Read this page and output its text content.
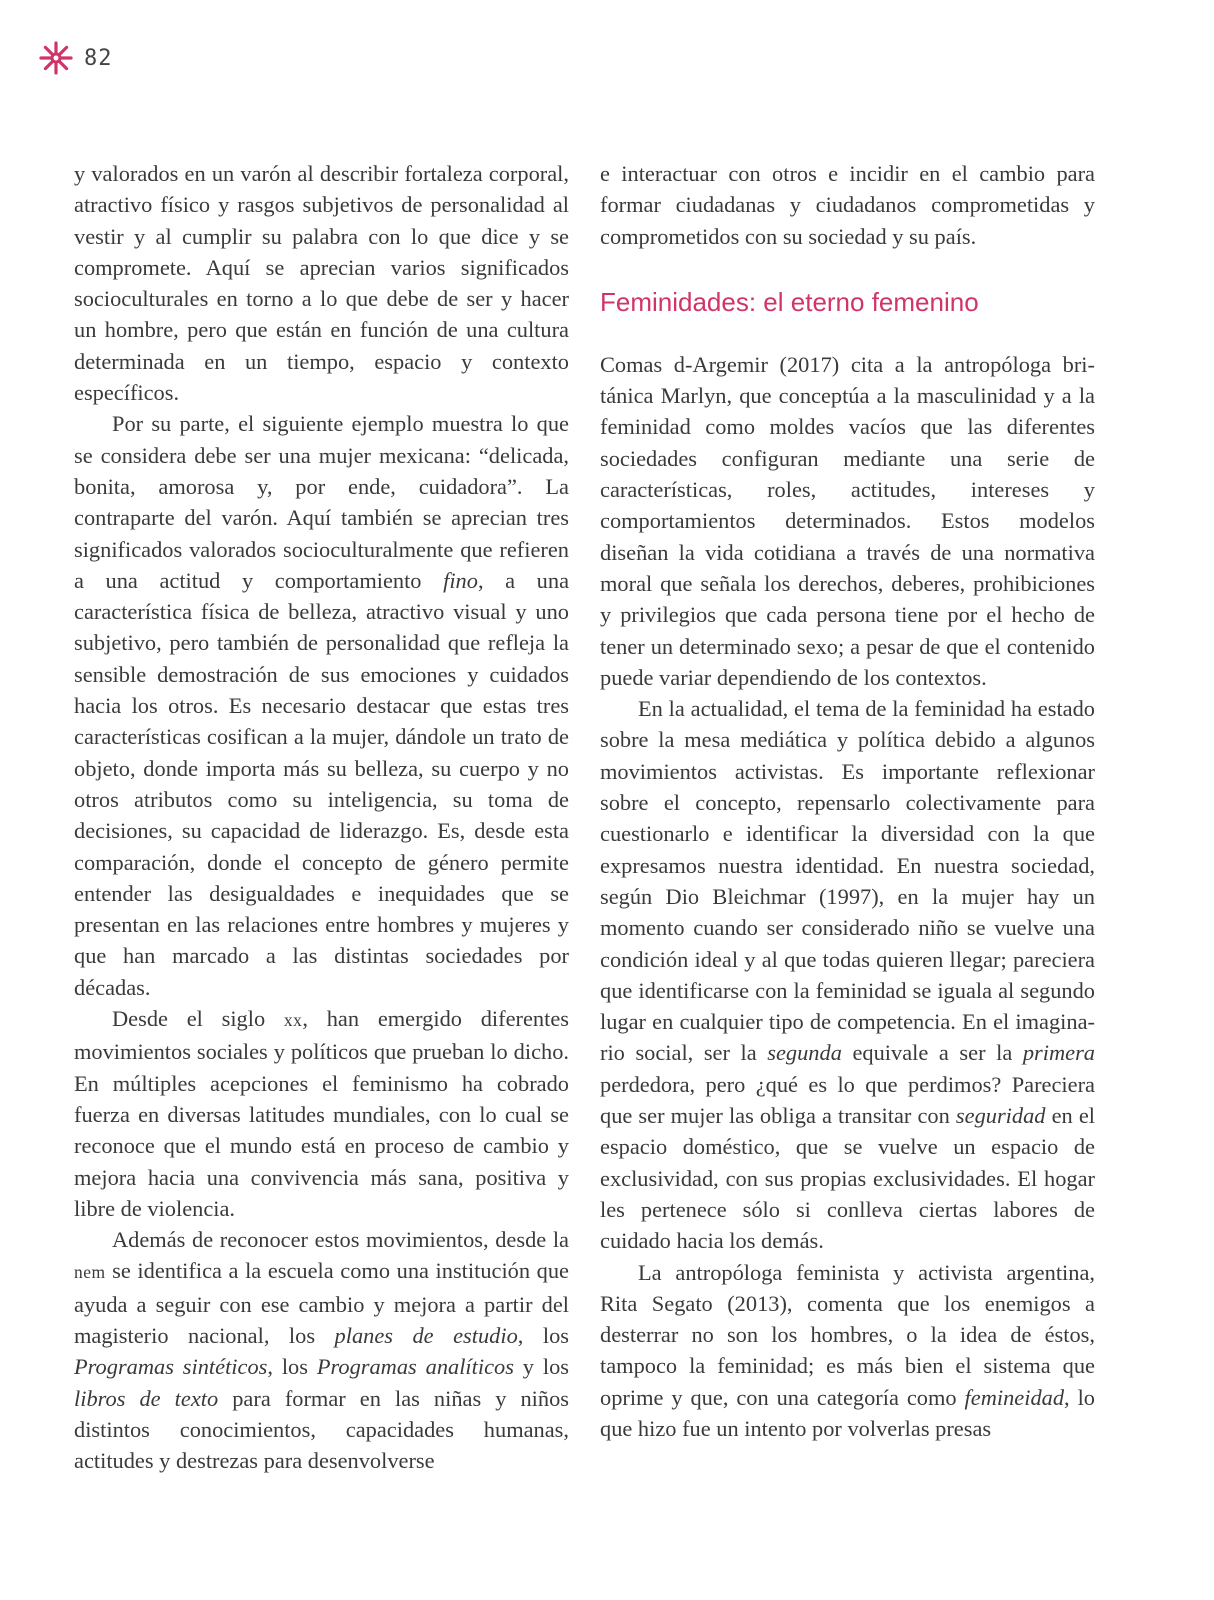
82

y valorados en un varón al describir fortaleza corporal, atractivo físico y rasgos subjetivos de personalidad al vestir y al cumplir su palabra con lo que dice y se compromete. Aquí se aprecian varios significados socioculturales en torno a lo que debe de ser y hacer un hombre, pero que están en función de una cultura determinada en un tiempo, espacio y contexto específicos.

Por su parte, el siguiente ejemplo muestra lo que se considera debe ser una mujer mexicana: “delicada, bonita, amorosa y, por ende, cuidadora”. La contraparte del varón. Aquí también se aprecian tres significados valorados socioculturalmente que refieren a una actitud y comportamiento fino, a una característica física de belleza, atractivo visual y uno subjetivo, pero también de personalidad que refleja la sensible demostración de sus emociones y cuidados hacia los otros. Es necesario destacar que estas tres características cosifican a la mujer, dándole un trato de objeto, donde importa más su belleza, su cuerpo y no otros atributos como su inteligencia, su toma de decisiones, su capacidad de liderazgo. Es, desde esta comparación, donde el concepto de género permite entender las desigualdades e inequidades que se presentan en las relaciones entre hombres y mujeres y que han marcado a las distintas sociedades por décadas.

Desde el siglo xx, han emergido diferentes movimientos sociales y políticos que prueban lo dicho. En múltiples acepciones el feminismo ha cobrado fuerza en diversas latitudes mundiales, con lo cual se reconoce que el mundo está en proceso de cambio y mejora hacia una convivencia más sana, positiva y libre de violencia.

Además de reconocer estos movimientos, desde la nem se identifica a la escuela como una institución que ayuda a seguir con ese cambio y mejora a partir del magisterio nacional, los planes de estudio, los Programas sintéticos, los Programas analíticos y los libros de texto para formar en las niñas y niños distintos conocimientos, capacidades humanas, actitudes y destrezas para desenvolverse

e interactuar con otros e incidir en el cambio para formar ciudadanas y ciudadanos comprometidas y comprometidos con su sociedad y su país.

Feminidades: el eterno femenino

Comas d-Argemir (2017) cita a la antropóloga británica Marlyn, que conceptúa a la masculinidad y a la feminidad como moldes vacíos que las diferentes sociedades configuran mediante una serie de características, roles, actitudes, intereses y comportamientos determinados. Estos modelos diseñan la vida cotidiana a través de una normativa moral que señala los derechos, deberes, prohibiciones y privilegios que cada persona tiene por el hecho de tener un determinado sexo; a pesar de que el contenido puede variar dependiendo de los contextos.

En la actualidad, el tema de la feminidad ha estado sobre la mesa mediática y política debido a algunos movimientos activistas. Es importante reflexionar sobre el concepto, repensarlo colectivamente para cuestionarlo e identificar la diversidad con la que expresamos nuestra identidad. En nuestra sociedad, según Dio Bleichmar (1997), en la mujer hay un momento cuando ser considerado niño se vuelve una condición ideal y al que todas quieren llegar; pareciera que identificarse con la feminidad se iguala al segundo lugar en cualquier tipo de competencia. En el imaginario social, ser la segunda equivale a ser la primera perdedora, pero ¿qué es lo que perdimos? Pareciera que ser mujer las obliga a transitar con seguridad en el espacio doméstico, que se vuelve un espacio de exclusividad, con sus propias exclusividades. El hogar les pertenece sólo si conlleva ciertas labores de cuidado hacia los demás.

La antropóloga feminista y activista argentina, Rita Segato (2013), comenta que los enemigos a desterrar no son los hombres, o la idea de éstos, tampoco la feminidad; es más bien el sistema que oprime y que, con una categoría como femineidad, lo que hizo fue un intento por volverlas presas
